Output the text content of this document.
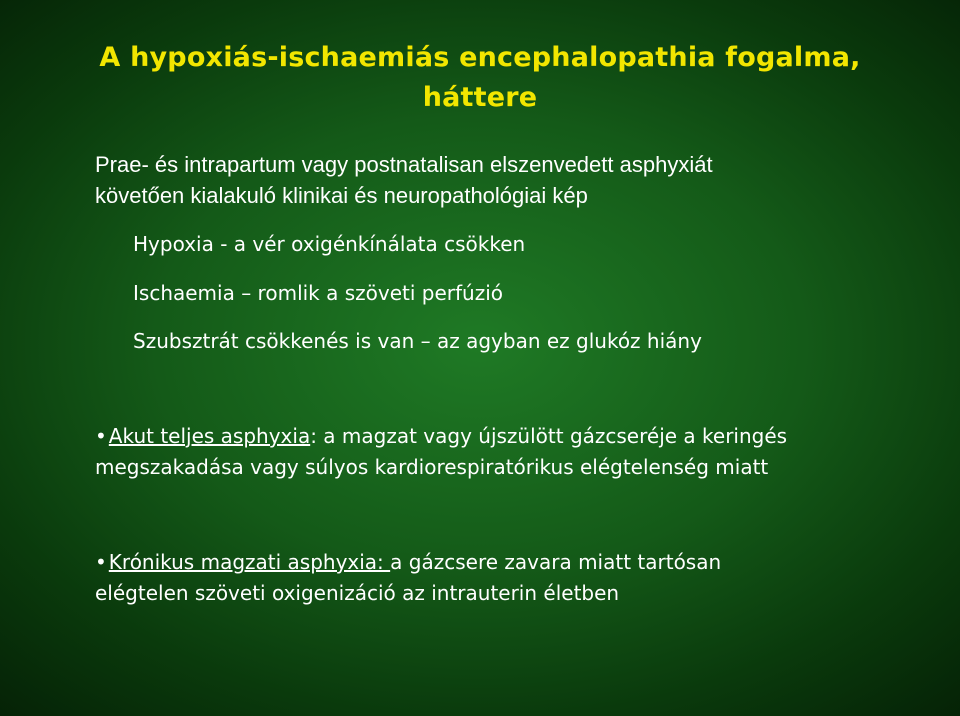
A hypoxiás-ischaemiás encephalopathia fogalma,
háttere
Prae- és intrapartum vagy postnatalisan elszenvedett asphyxiát
követően kialakuló klinikai és neuropathológiai kép
Hypoxia - a vér oxigénkínálata csökken
Ischaemia – romlik a szöveti perfúzió
Szubsztrát csökkenés is van – az agyban ez glukóz hiány
• Akut teljes asphyxia: a magzat vagy újszülött gázcseréje a keringés
megszakadása vagy súlyos kardiorespiratórikus elégtelenség miatt
• Krónikus magzati asphyxia: a gázcsere zavara miatt tartósan
elégtelen szöveti oxigenizáció az intrauterin életben
